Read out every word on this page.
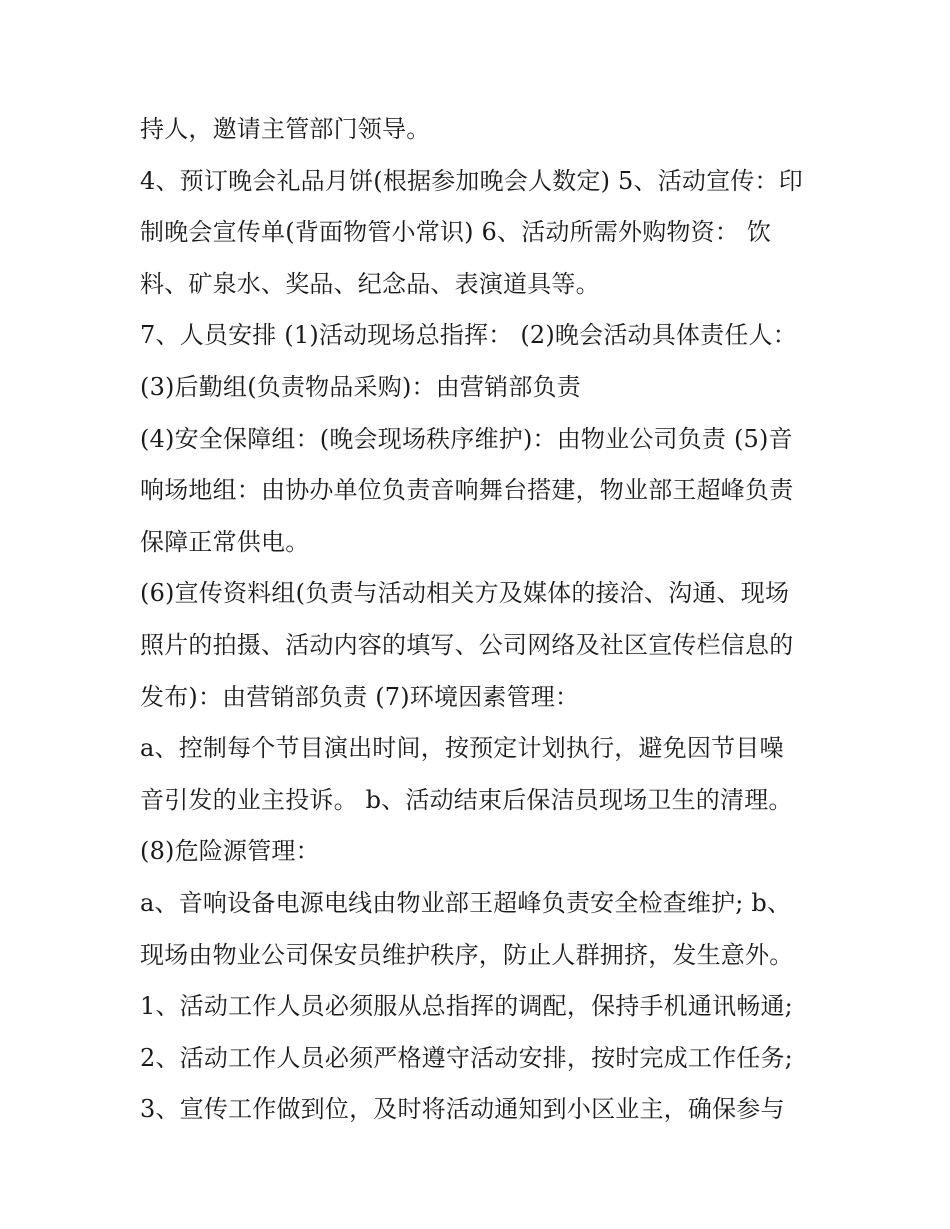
持人，邀请主管部门领导。
4、预订晚会礼品月饼(根据参加晚会人数定) 5、活动宣传：印
制晚会宣传单(背面物管小常识) 6、活动所需外购物资： 饮
料、矿泉水、奖品、纪念品、表演道具等。
7、人员安排 (1)活动现场总指挥： (2)晚会活动具体责任人：
(3)后勤组(负责物品采购)：由营销部负责
(4)安全保障组：(晚会现场秩序维护)：由物业公司负责 (5)音
响场地组：由协办单位负责音响舞台搭建，物业部王超峰负责
保障正常供电。
(6)宣传资料组(负责与活动相关方及媒体的接洽、沟通、现场
照片的拍摄、活动内容的填写、公司网络及社区宣传栏信息的
发布)：由营销部负责 (7)环境因素管理：
a、控制每个节目演出时间，按预定计划执行，避免因节目噪
音引发的业主投诉。 b、活动结束后保洁员现场卫生的清理。
(8)危险源管理：
a、音响设备电源电线由物业部王超峰负责安全检查维护; b、
现场由物业公司保安员维护秩序，防止人群拥挤，发生意外。
1、活动工作人员必须服从总指挥的调配，保持手机通讯畅通;
2、活动工作人员必须严格遵守活动安排，按时完成工作任务;
3、宣传工作做到位，及时将活动通知到小区业主，确保参与
